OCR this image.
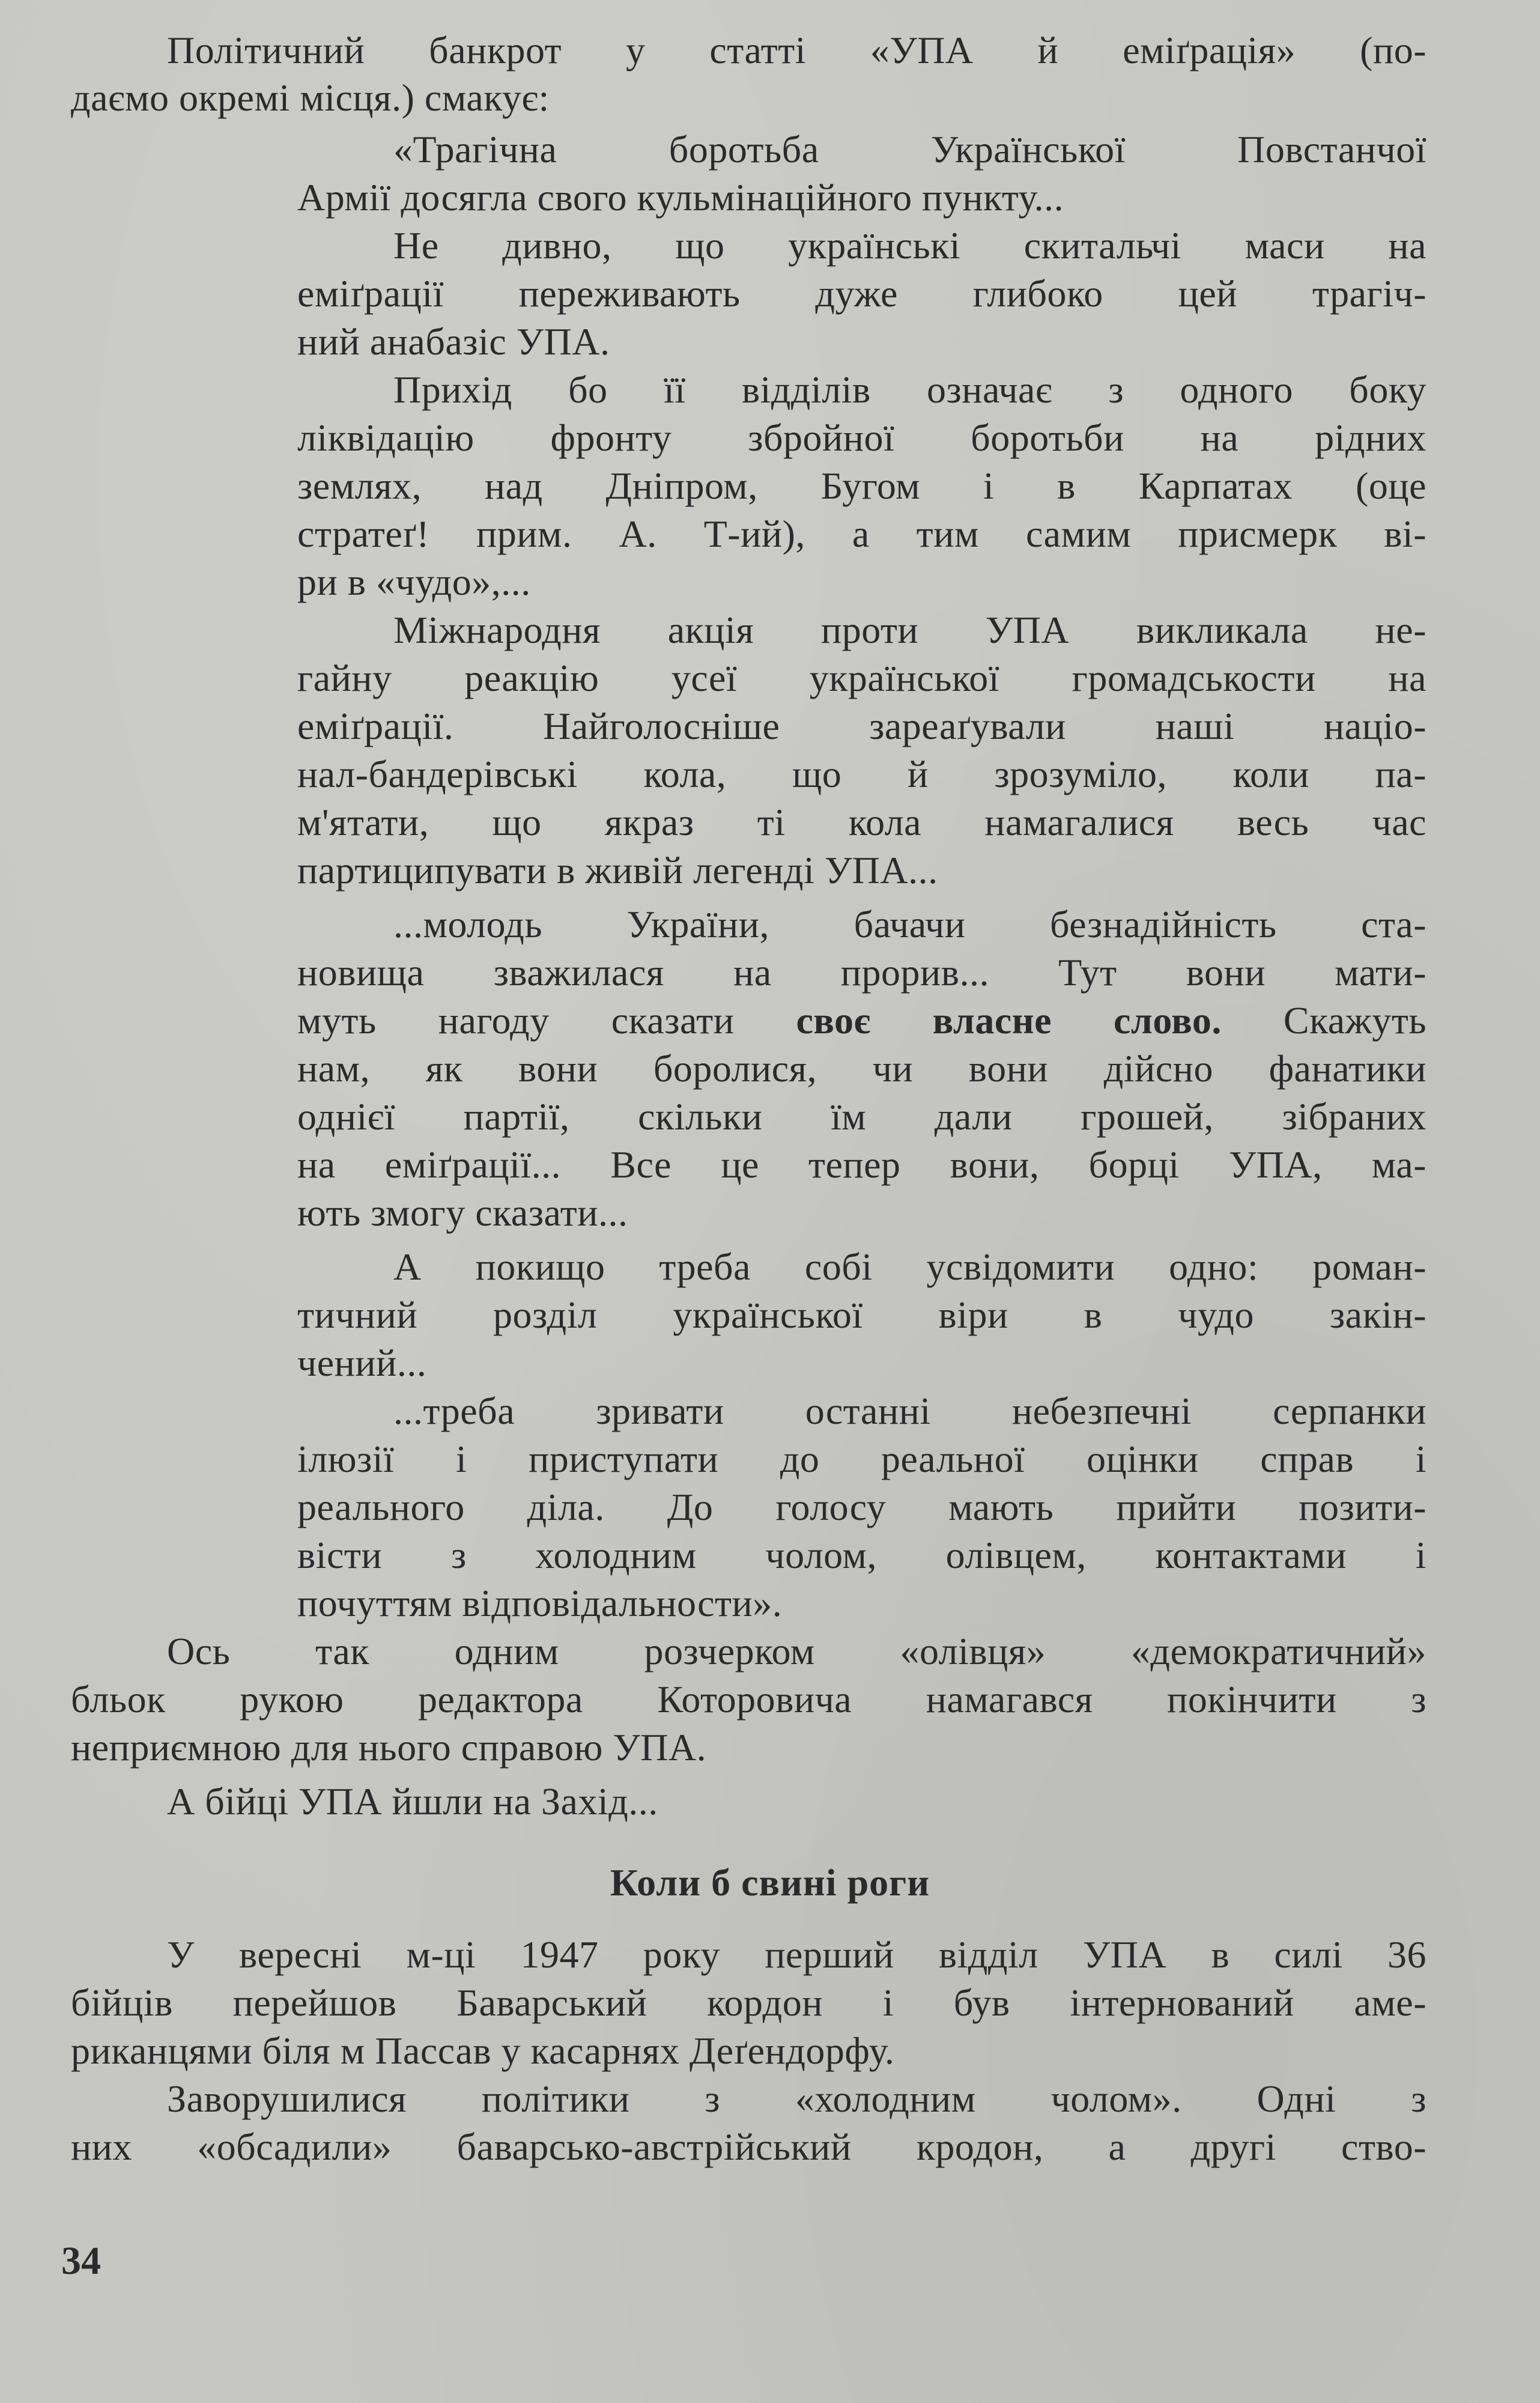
Політичний банкрот у статті «УПА й еміґрація» (по-
даємо окремі місця.) смакує:
«Трагічна боротьба Української Повстанчої
Армії досягла свого кульмінаційного пункту...
Не дивно, що українські скитальчі маси на
еміґрації переживають дуже глибоко цей трагіч-
ний анабазіс УПА.
Прихід бо її відділів означає з одного боку
ліквідацію фронту збройної боротьби на рідних
землях, над Дніпром, Бугом і в Карпатах (оце
стратеґ! прим. А. Т-ий), а тим самим присмерк ві-
ри в «чудо»,...
Міжнародня акція проти УПА викликала не-
гайну реакцію усеї української громадськости на
еміґрації. Найголосніше зареаґували наші націо-
нал-бандерівські кола, що й зрозуміло, коли па-
м'ятати, що якраз ті кола намагалися весь час
партиципувати в живій легенді УПА...
...молодь України, бачачи безнадійність ста-
новища зважилася на прорив... Тут вони мати-
муть нагоду сказати своє власне слово. Скажуть
нам, як вони боролися, чи вони дійсно фанатики
однієї партії, скільки їм дали грошей, зібраних
на еміґрації... Все це тепер вони, борці УПА, ма-
ють змогу сказати...
А покищо треба собі усвідомити одно: роман-
тичний розділ української віри в чудо закін-
чений...
...треба зривати останні небезпечні серпанки
ілюзії і приступати до реальної оцінки справ і
реального діла. До голосу мають прийти позити-
вісти з холодним чолом, олівцем, контактами і
почуттям відповідальности».
Ось так одним розчерком «олівця» «демократичний»
бльок рукою редактора Которовича намагався покінчити з
неприємною для нього справою УПА.
А бійці УПА йшли на Захід...
Коли б свині роги
У вересні м-ці 1947 року перший відділ УПА в силі 36
бійців перейшов Баварський кордон і був інтернований аме-
риканцями біля м Пассав у касарнях Деґендорфу.
Заворушилися політики з «холодним чолом». Одні з
них «обсадили» баварсько-австрійський кродон, а другі ство-
34
